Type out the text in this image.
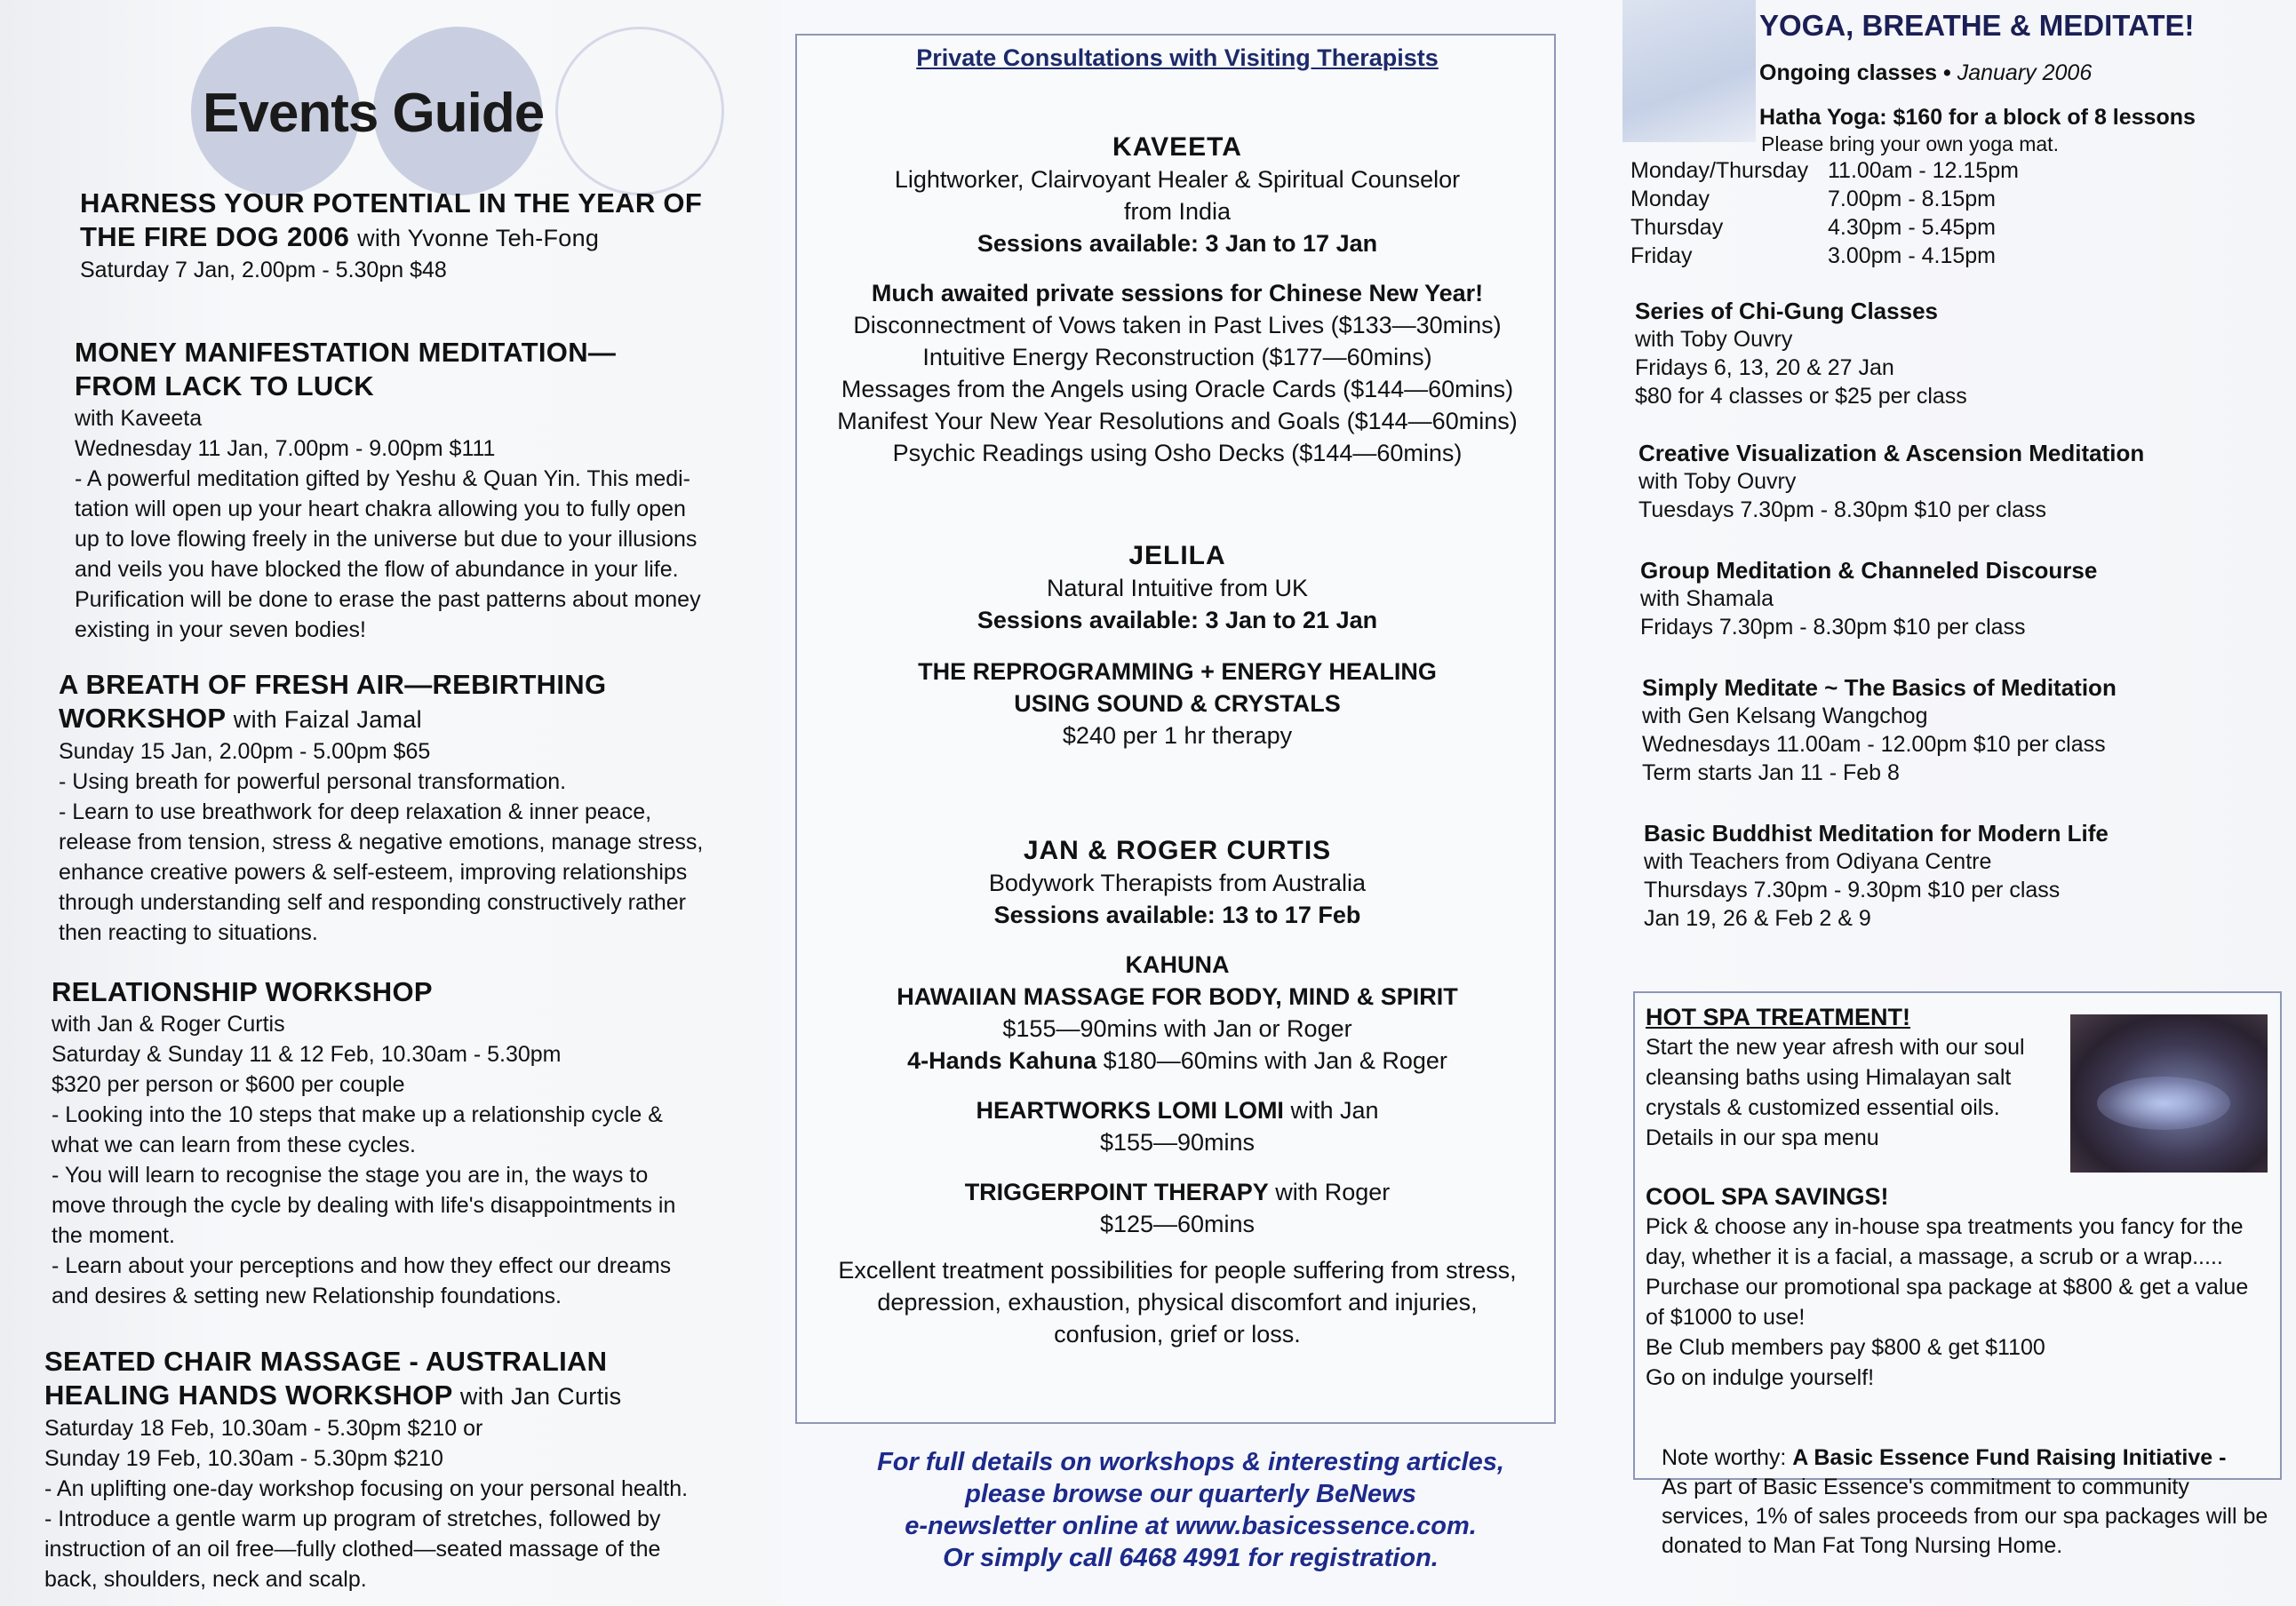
Events Guide
HARNESS YOUR POTENTIAL IN THE YEAR OF THE FIRE DOG 2006 with Yvonne Teh-Fong

Saturday 7 Jan, 2.00pm - 5.30pn $48

MONEY MANIFESTATION MEDITATION—FROM LACK TO LUCK

with Kaveeta

Wednesday 11 Jan, 7.00pm - 9.00pm $111

- A powerful meditation gifted by Yeshu & Quan Yin. This medi-

tation will open up your heart chakra allowing you to fully open

up to love flowing freely in the universe but due to your illusions

and veils you have blocked the flow of abundance in your life.

Purification will be done to erase the past patterns about money

existing in your seven bodies!

A BREATH OF FRESH AIR—REBIRTHING WORKSHOP with Faizal Jamal

Sunday 15 Jan, 2.00pm - 5.00pm $65

- Using breath for powerful personal transformation.

- Learn to use breathwork for deep relaxation & inner peace,

release from tension, stress & negative emotions, manage stress,

enhance creative powers & self-esteem, improving relationships

through understanding self and responding constructively rather

then reacting to situations.

RELATIONSHIP WORKSHOP

with Jan & Roger Curtis

Saturday & Sunday 11 & 12 Feb, 10.30am - 5.30pm

$320 per person or $600 per couple

- Looking into the 10 steps that make up a relationship cycle &

what we can learn from these cycles.

- You will learn to recognise the stage you are in, the ways to

move through the cycle by dealing with life's disappointments in

the moment.

- Learn about your perceptions and how they effect our dreams

and desires & setting new Relationship foundations.

SEATED CHAIR MASSAGE - AUSTRALIAN HEALING HANDS WORKSHOP with Jan Curtis

Saturday 18 Feb, 10.30am - 5.30pm $210 or

Sunday 19 Feb, 10.30am - 5.30pm $210

- An uplifting one-day workshop focusing on your personal health.

- Introduce a gentle warm up program of stretches, followed by

instruction of an oil free—fully clothed—seated massage of the

back, shoulders, neck and scalp.

Private Consultations with Visiting Therapists
KAVEETA
Lightworker, Clairvoyant Healer & Spiritual Counselor
from India
Sessions available: 3 Jan to 17 Jan
Much awaited private sessions for Chinese New Year!
Disconnectment of Vows taken in Past Lives ($133—30mins)
Intuitive Energy Reconstruction ($177—60mins)
Messages from the Angels using Oracle Cards ($144—60mins)
Manifest Your New Year Resolutions and Goals ($144—60mins)
Psychic Readings using Osho Decks ($144—60mins)
JELILA
Natural Intuitive from UK
Sessions available: 3 Jan to 21 Jan
THE REPROGRAMMING + ENERGY HEALING
USING SOUND & CRYSTALS
$240 per 1 hr therapy
JAN & ROGER CURTIS
Bodywork Therapists from Australia
Sessions available: 13 to 17 Feb
KAHUNA
HAWAIIAN MASSAGE FOR BODY, MIND & SPIRIT
$155—90mins with Jan or Roger
4-Hands Kahuna $180—60mins with Jan & Roger
HEARTWORKS LOMI LOMI with Jan
$155—90mins
TRIGGERPOINT THERAPY with Roger
$125—60mins
Excellent treatment possibilities for people suffering from stress,
depression, exhaustion, physical discomfort and injuries,
confusion, grief or loss.
For full details on workshops & interesting articles,
please browse our quarterly BeNews
e-newsletter online at www.basicessence.com.
Or simply call 6468 4991 for registration.
YOGA, BREATHE & MEDITATE!
Ongoing classes • January 2006
Hatha Yoga: $160 for a block of 8 lessons
Please bring your own yoga mat.
Monday/Thursday 11.00am - 12.15pm
Monday	7.00pm - 8.15pm
Thursday	4.30pm - 5.45pm
Friday	3.00pm - 4.15pm
Series of Chi-Gung Classes
with Toby Ouvry
Fridays 6, 13, 20 & 27 Jan
$80 for 4 classes or $25 per class
Creative Visualization & Ascension Meditation
with Toby Ouvry
Tuesdays 7.30pm - 8.30pm $10 per class
Group Meditation & Channeled Discourse
with Shamala
Fridays 7.30pm - 8.30pm $10 per class
Simply Meditate ~ The Basics of Meditation
with Gen Kelsang Wangchog
Wednesdays 11.00am - 12.00pm $10 per class
Term starts Jan 11 - Feb 8
Basic Buddhist Meditation for Modern Life
with Teachers from Odiyana Centre
Thursdays 7.30pm - 9.30pm $10 per class
Jan 19, 26 & Feb 2 & 9
HOT SPA TREATMENT!
Start the new year afresh with our soul
cleansing baths using Himalayan salt
crystals & customized essential oils.
Details in our spa menu
COOL SPA SAVINGS!
Pick & choose any in-house spa treatments you fancy for the
day, whether it is a facial, a massage, a scrub or a wrap.....
Purchase our promotional spa package at $800 & get a value
of $1000 to use!
Be Club members pay $800 & get $1100
Go on indulge yourself!
Note worthy: A Basic Essence Fund Raising Initiative -
As part of Basic Essence's commitment to community
services, 1% of sales proceeds from our spa packages will be
donated to Man Fat Tong Nursing Home.
